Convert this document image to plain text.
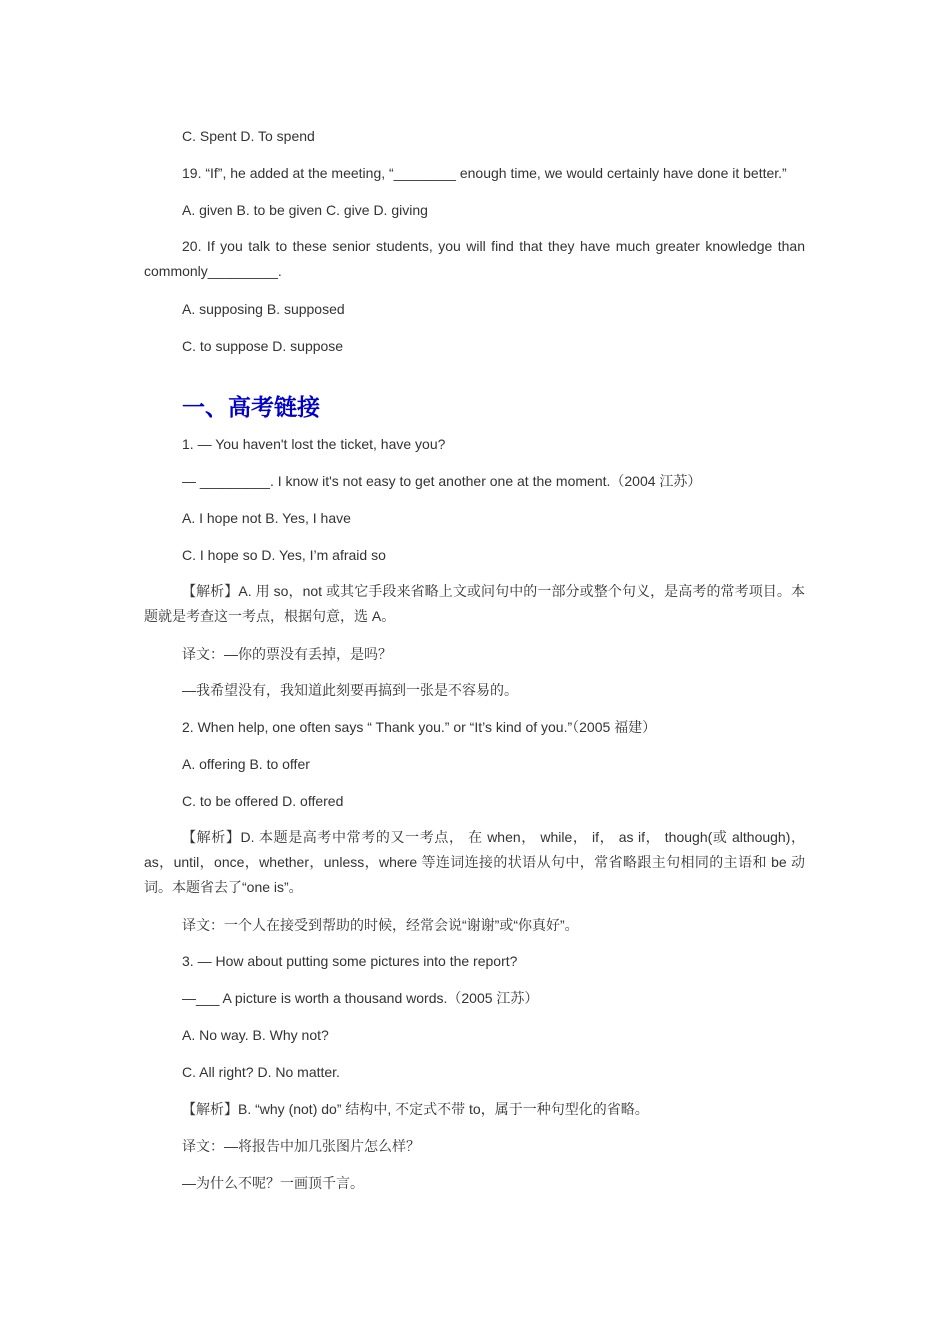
C. Spent D. To spend
19. “If”, he added at the meeting, “________ enough time, we would certainly have done it better.”
A. given B. to be given C. give D. giving
20. If you talk to these senior students, you will find that they have much greater knowledge than commonly_________.
A. supposing B. supposed
C. to suppose D. suppose
一、高考链接
1. — You haven't lost the ticket, have you?
— _________. I know it's not easy to get another one at the moment.（2004 江苏）
A. I hope not B. Yes, I have
C. I hope so D. Yes, I’m afraid so
【解析】A. 用 so，not 或其它手段来省略上文或问句中的一部分或整个句义，是高考的常考项目。本题就是考查这一考点，根据句意，选 A。
译文：—你的票没有丢掉，是吗？
—我希望没有，我知道此刻要再搞到一张是不容易的。
2. When help, one often says “ Thank you.” or “It’s kind of you.”（2005 福建）
A. offering B. to offer
C. to be offered D. offered
【解析】D. 本题是高考中常考的又一考点， 在 when， while， if， as if， though(或 although)，as，until，once，whether，unless，where 等连词连接的状语从句中，常省略跟主句相同的主语和 be 动词。本题省去了“one is”。
译文：一个人在接受到帮助的时候，经常会说“谢谢”或“你真好”。
3. — How about putting some pictures into the report?
—___ A picture is worth a thousand words.（2005 江苏）
A. No way. B. Why not?
C. All right? D. No matter.
【解析】B. “why (not) do” 结构中, 不定式不带 to，属于一种句型化的省略。
译文：—将报告中加几张图片怎么样？
—为什么不呢？一画顶千言。
